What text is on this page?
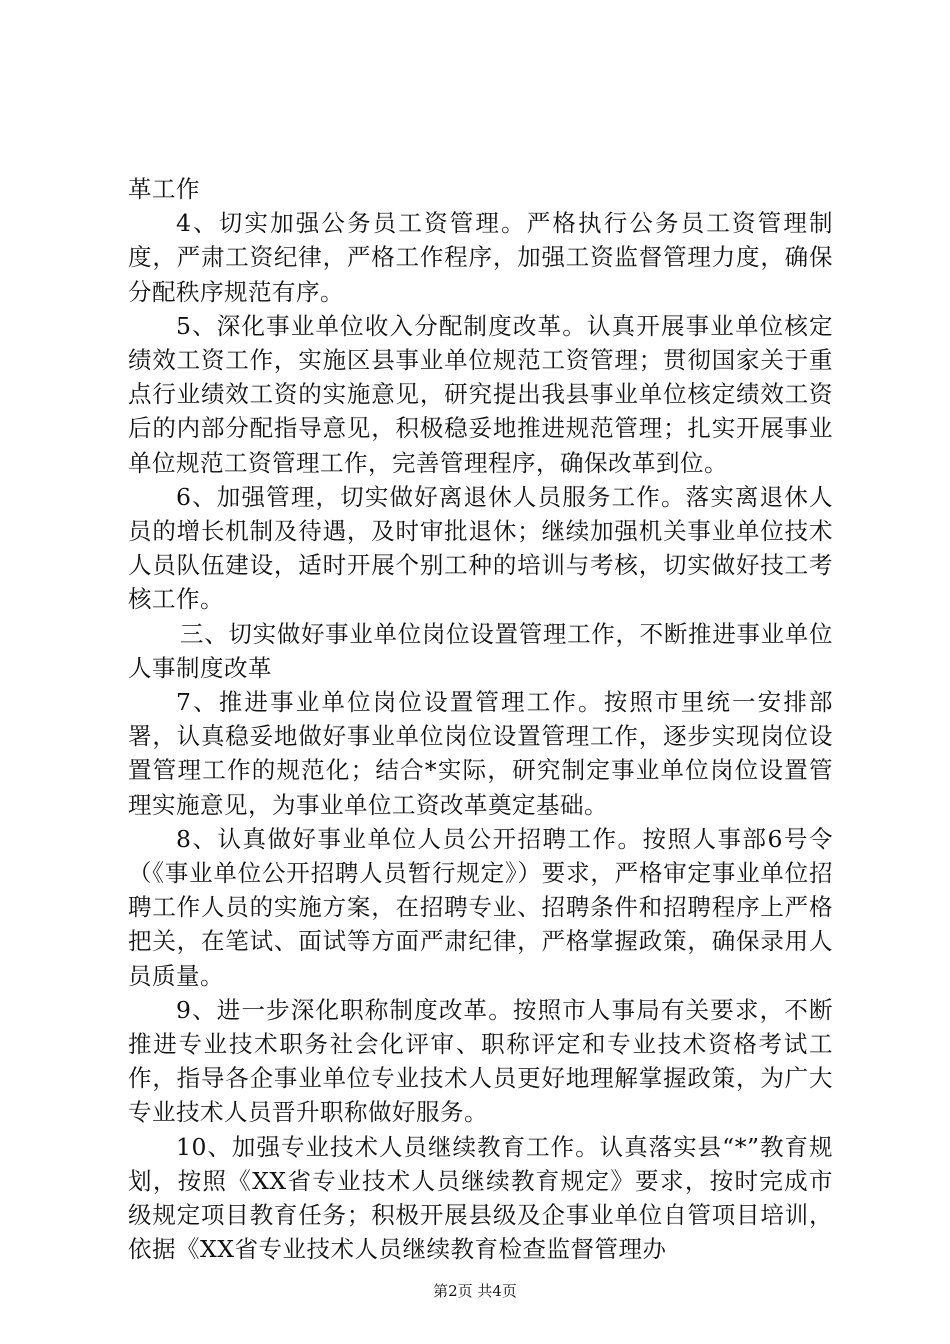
革工作

4、切实加强公务员工资管理。严格执行公务员工资管理制度，严肃工资纪律，严格工作程序，加强工资监督管理力度，确保分配秩序规范有序。

5、深化事业单位收入分配制度改革。认真开展事业单位核定绩效工资工作，实施区县事业单位规范工资管理；贯彻国家关于重点行业绩效工资的实施意见，研究提出我县事业单位核定绩效工资后的内部分配指导意见，积极稳妥地推进规范管理；扎实开展事业单位规范工资管理工作，完善管理程序，确保改革到位。

6、加强管理，切实做好离退休人员服务工作。落实离退休人员的增长机制及待遇，及时审批退休；继续加强机关事业单位技术人员队伍建设，适时开展个别工种的培训与考核，切实做好技工考核工作。

三、切实做好事业单位岗位设置管理工作，不断推进事业单位人事制度改革

7、推进事业单位岗位设置管理工作。按照市里统一安排部署，认真稳妥地做好事业单位岗位设置管理工作，逐步实现岗位设置管理工作的规范化；结合*实际，研究制定事业单位岗位设置管理实施意见，为事业单位工资改革奠定基础。

8、认真做好事业单位人员公开招聘工作。按照人事部6号令（《事业单位公开招聘人员暂行规定》）要求，严格审定事业单位招聘工作人员的实施方案，在招聘专业、招聘条件和招聘程序上严格把关，在笔试、面试等方面严肃纪律，严格掌握政策，确保录用人员质量。

9、进一步深化职称制度改革。按照市人事局有关要求，不断推进专业技术职务社会化评审、职称评定和专业技术资格考试工作，指导各企事业单位专业技术人员更好地理解掌握政策，为广大专业技术人员晋升职称做好服务。

10、加强专业技术人员继续教育工作。认真落实县“*”教育规划，按照《XX省专业技术人员继续教育规定》要求，按时完成市级规定项目教育任务；积极开展县级及企事业单位自管项目培训，依据《XX省专业技术人员继续教育检查监督管理办

第2页 共4页
